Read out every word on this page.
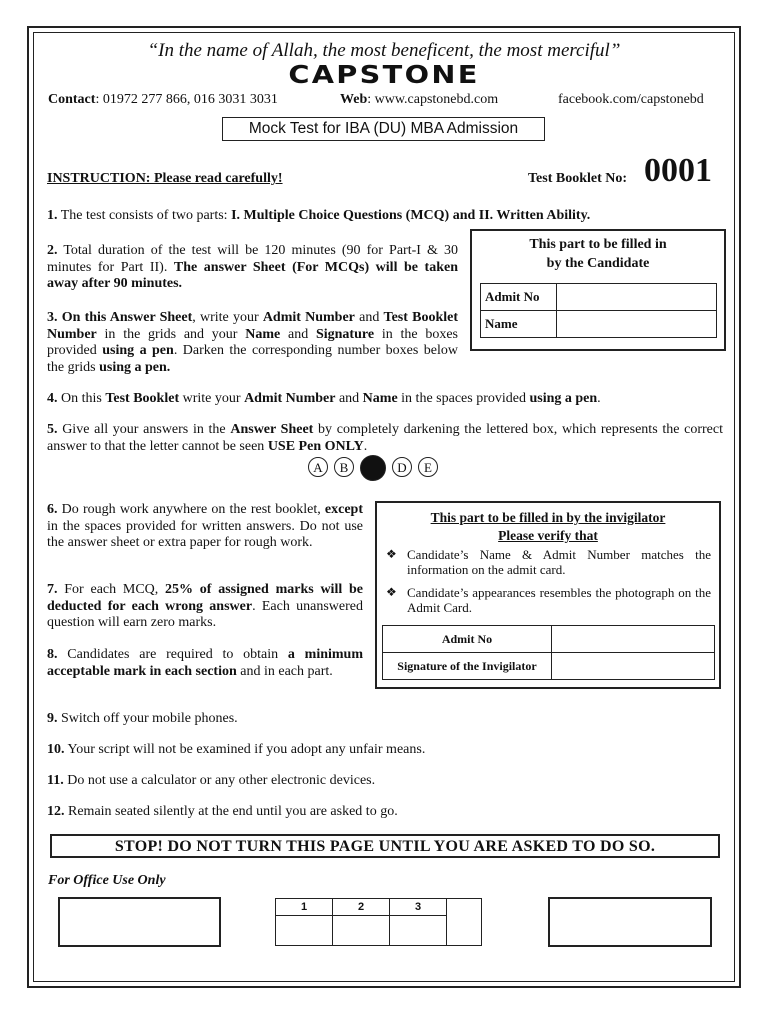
“In the name of Allah, the most beneficent, the most merciful”
CAPSTONE
Contact: 01972 277 866, 016 3031 3031	Web: www.capstonebd.com	facebook.com/capstonebd
Mock Test for IBA (DU) MBA Admission
INSTRUCTION: Please read carefully!	Test Booklet No: 0001
1. The test consists of two parts: I. Multiple Choice Questions (MCQ) and II. Written Ability.
2. Total duration of the test will be 120 minutes (90 for Part-I & 30 minutes for Part II). The answer Sheet (For MCQs) will be taken away after 90 minutes.
3. On this Answer Sheet, write your Admit Number and Test Booklet Number in the grids and your Name and Signature in the boxes provided using a pen. Darken the corresponding number boxes below the grids using a pen.
This part to be filled in
by the Candidate
Admit No	
Name	
4. On this Test Booklet write your Admit Number and Name in the spaces provided using a pen.
5. Give all your answers in the Answer Sheet by completely darkening the lettered box, which represents the correct answer to that the letter cannot be seen USE Pen ONLY.
A B	D E
6. Do rough work anywhere on the rest booklet, except in the spaces provided for written answers. Do not use the answer sheet or extra paper for rough work.
7. For each MCQ, 25% of assigned marks will be deducted for each wrong answer. Each unanswered question will earn zero marks.
8. Candidates are required to obtain a minimum acceptable mark in each section and in each part.
This part to be filled in by the invigilator
Please verify that
❖ Candidate’s Name & Admit Number matches the information on the admit card.
❖ Candidate’s appearances resembles the photograph on the Admit Card.
Admit No	
Signature of the Invigilator	
9. Switch off your mobile phones.
10. Your script will not be examined if you adopt any unfair means.
11. Do not use a calculator or any other electronic devices.
12. Remain seated silently at the end until you are asked to go.
STOP! DO NOT TURN THIS PAGE UNTIL YOU ARE ASKED TO DO SO.
For Office Use Only
1	2	3	
